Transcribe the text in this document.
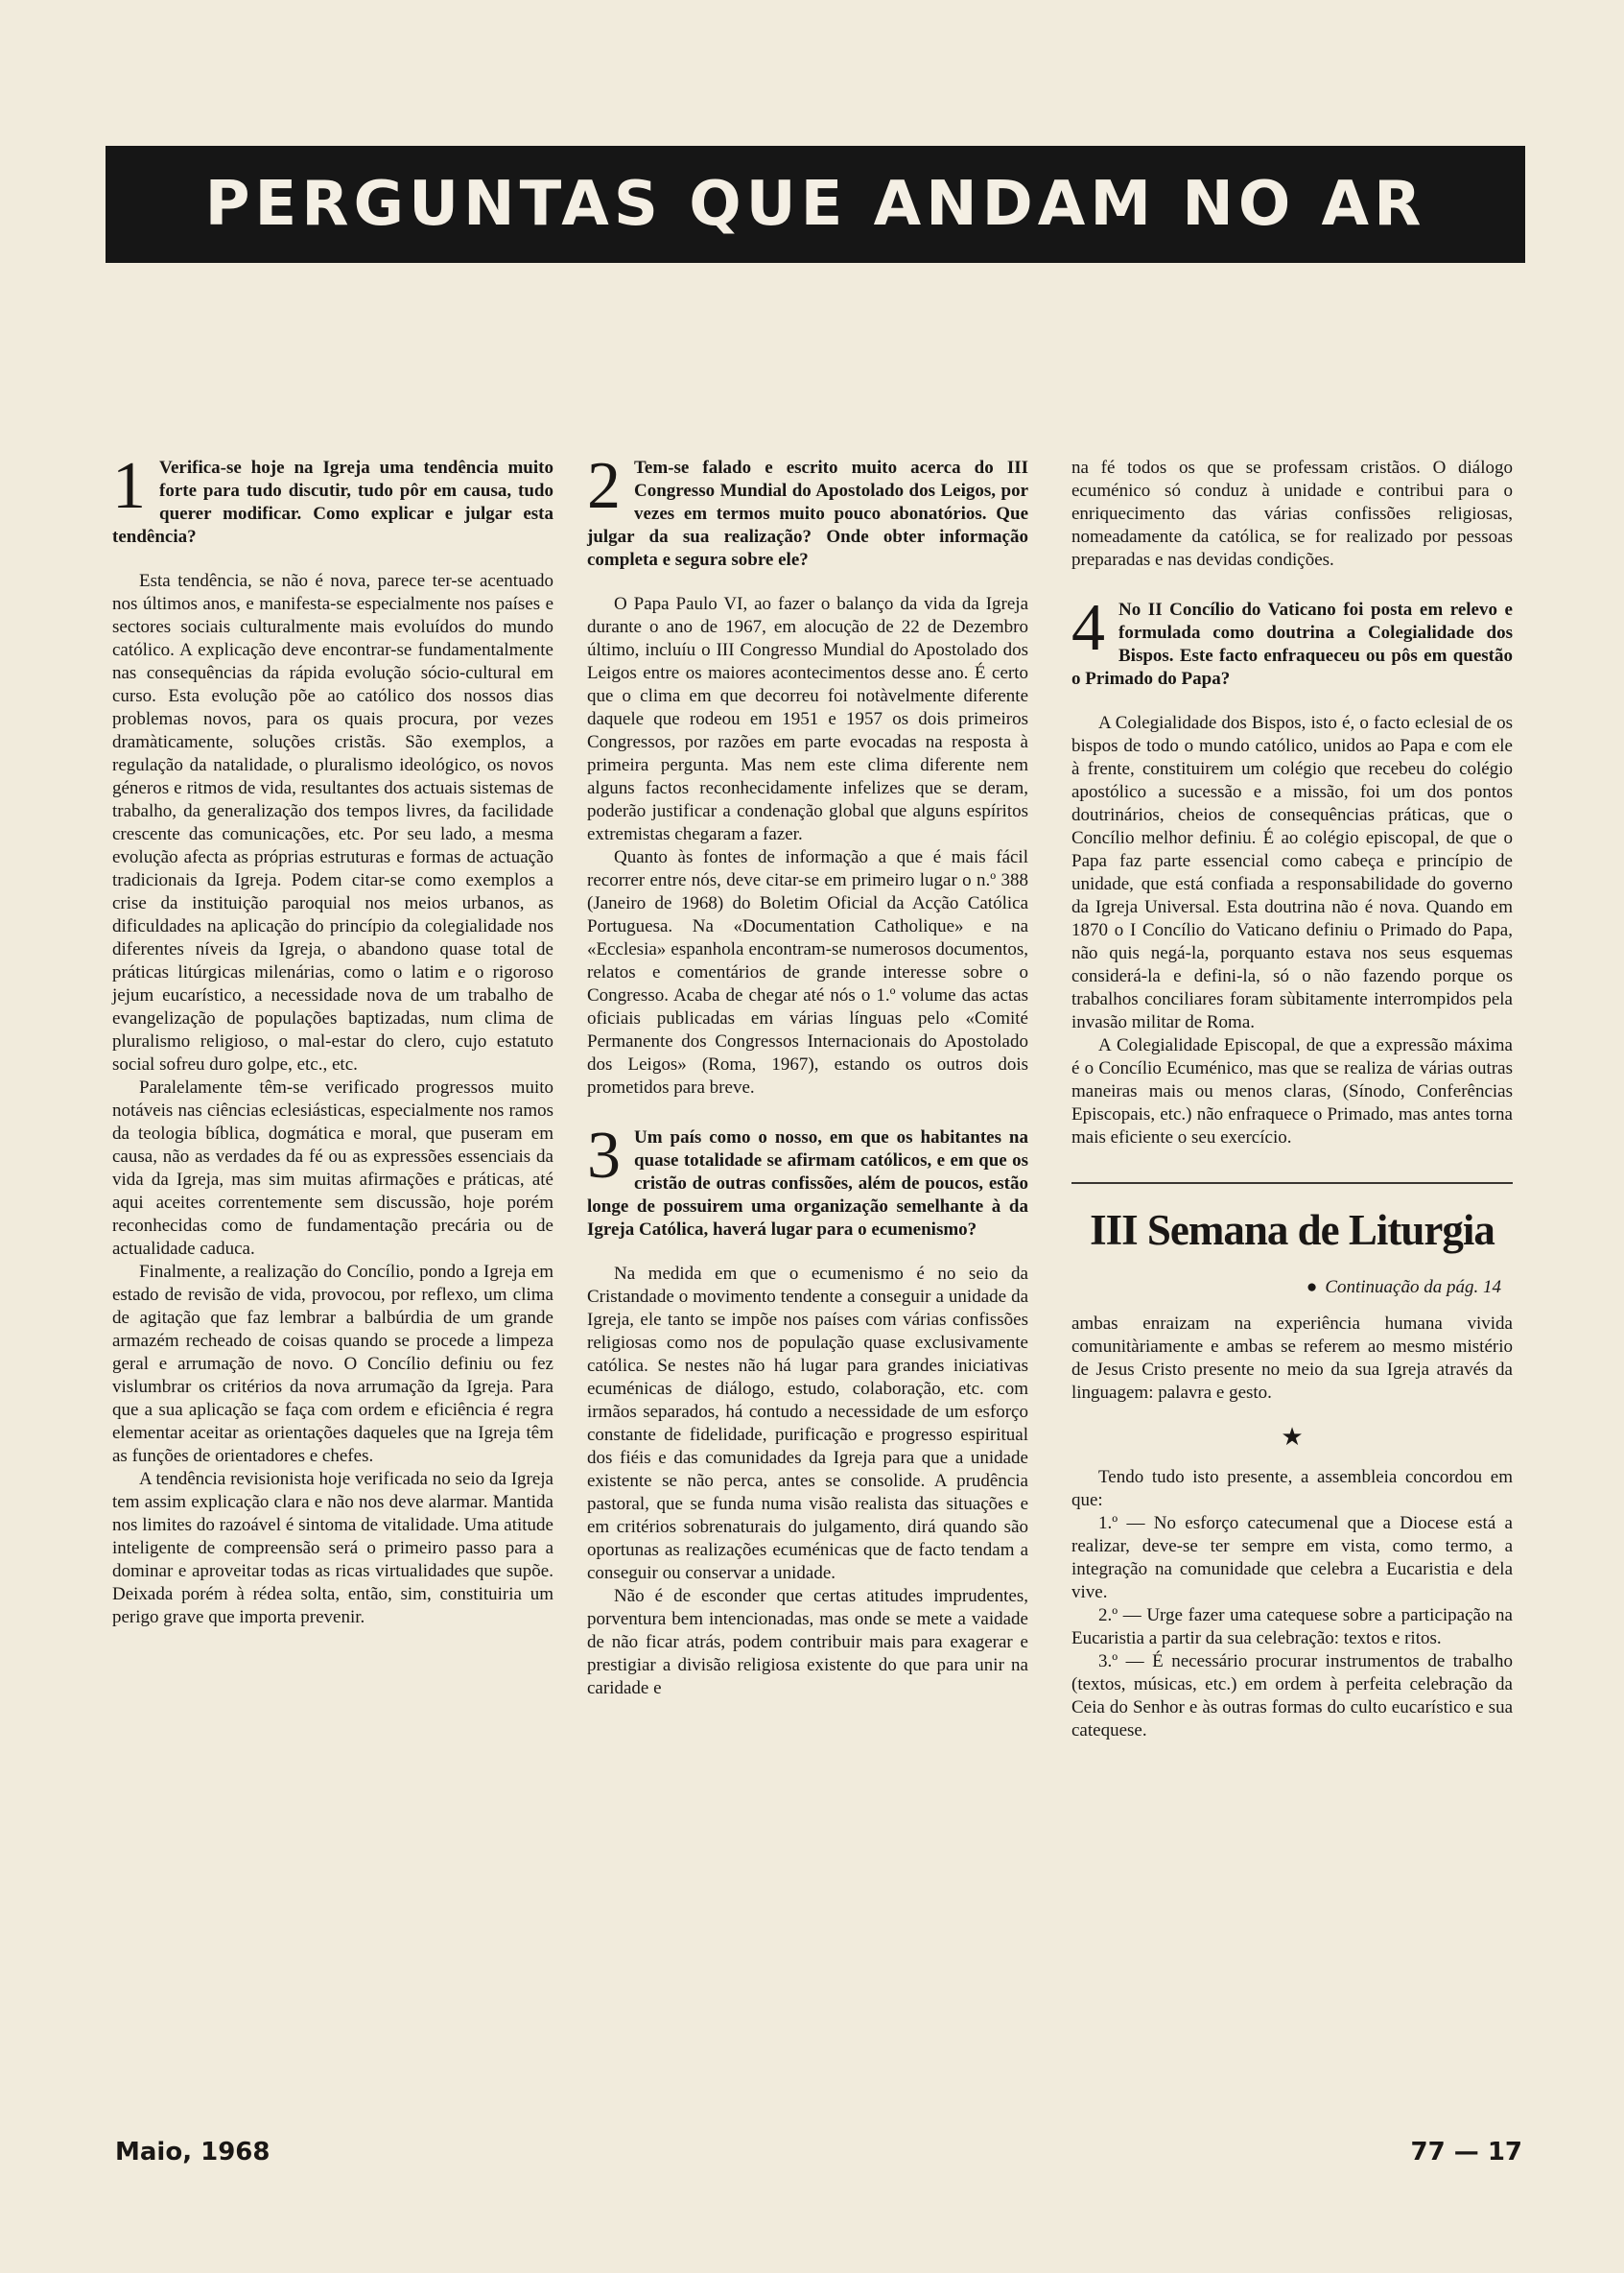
PERGUNTAS QUE ANDAM NO AR
1 Verifica-se hoje na Igreja uma tendência muito forte para tudo discutir, tudo pôr em causa, tudo querer modificar. Como explicar e julgar esta tendência?

Esta tendência, se não é nova, parece ter-se acentuado nos últimos anos, e manifesta-se especialmente nos países e sectores sociais culturalmente mais evoluídos do mundo católico. A explicação deve encontrar-se fundamentalmente nas consequências da rápida evolução sócio-cultural em curso. Esta evolução põe ao católico dos nossos dias problemas novos, para os quais procura, por vezes dramàticamente, soluções cristãs. São exemplos, a regulação da natalidade, o pluralismo ideológico, os novos géneros e ritmos de vida, resultantes dos actuais sistemas de trabalho, da generalização dos tempos livres, da facilidade crescente das comunicações, etc. Por seu lado, a mesma evolução afecta as próprias estruturas e formas de actuação tradicionais da Igreja. Podem citar-se como exemplos a crise da instituição paroquial nos meios urbanos, as dificuldades na aplicação do princípio da colegialidade nos diferentes níveis da Igreja, o abandono quase total de práticas litúrgicas milenárias, como o latim e o rigoroso jejum eucarístico, a necessidade nova de um trabalho de evangelização de populações baptizadas, num clima de pluralismo religioso, o mal-estar do clero, cujo estatuto social sofreu duro golpe, etc., etc.

Paralelamente têm-se verificado progressos muito notáveis nas ciências eclesiásticas, especialmente nos ramos da teologia bíblica, dogmática e moral, que puseram em causa, não as verdades da fé ou as expressões essenciais da vida da Igreja, mas sim muitas afirmações e práticas, até aqui aceites correntemente sem discussão, hoje porém reconhecidas como de fundamentação precária ou de actualidade caduca.

Finalmente, a realização do Concílio, pondo a Igreja em estado de revisão de vida, provocou, por reflexo, um clima de agitação que faz lembrar a balbúrdia de um grande armazém recheado de coisas quando se procede a limpeza geral e arrumação de novo. O Concílio definiu ou fez vislumbrar os critérios da nova arrumação da Igreja. Para que a sua aplicação se faça com ordem e eficiência é regra elementar aceitar as orientações daqueles que na Igreja têm as funções de orientadores e chefes.

A tendência revisionista hoje verificada no seio da Igreja tem assim explicação clara e não nos deve alarmar. Mantida nos limites do razoável é sintoma de vitalidade. Uma atitude inteligente de compreensão será o primeiro passo para a dominar e aproveitar todas as ricas virtualidades que supõe. Deixada porém à rédea solta, então, sim, constituiria um perigo grave que importa prevenir.

2 Tem-se falado e escrito muito acerca do III Congresso Mundial do Apostolado dos Leigos, por vezes em termos muito pouco abonatórios. Que julgar da sua realização? Onde obter informação completa e segura sobre ele?

O Papa Paulo VI, ao fazer o balanço da vida da Igreja durante o ano de 1967, em alocução de 22 de Dezembro último, incluíu o III Congresso Mundial do Apostolado dos Leigos entre os maiores acontecimentos desse ano. É certo que o clima em que decorreu foi notàvelmente diferente daquele que rodeou em 1951 e 1957 os dois primeiros Congressos, por razões em parte evocadas na resposta à primeira pergunta. Mas nem este clima diferente nem alguns factos reconhecidamente infelizes que se deram, poderão justificar a condenação global que alguns espíritos extremistas chegaram a fazer.

Quanto às fontes de informação a que é mais fácil recorrer entre nós, deve citar-se em primeiro lugar o n.º 388 (Janeiro de 1968) do Boletim Oficial da Acção Católica Portuguesa. Na «Documentation Catholique» e na «Ecclesia» espanhola encontram-se numerosos documentos, relatos e comentários de grande interesse sobre o Congresso. Acaba de chegar até nós o 1.º volume das actas oficiais publicadas em várias línguas pelo «Comité Permanente dos Congressos Internacionais do Apostolado dos Leigos» (Roma, 1967), estando os outros dois prometidos para breve.

3 Um país como o nosso, em que os habitantes na quase totalidade se afirmam católicos, e em que os cristão de outras confissões, além de poucos, estão longe de possuirem uma organização semelhante à da Igreja Católica, haverá lugar para o ecumenismo?

Na medida em que o ecumenismo é no seio da Cristandade o movimento tendente a conseguir a unidade da Igreja, ele tanto se impõe nos países com várias confissões religiosas como nos de população quase exclusivamente católica. Se nestes não há lugar para grandes iniciativas ecuménicas de diálogo, estudo, colaboração, etc. com irmãos separados, há contudo a necessidade de um esforço constante de fidelidade, purificação e progresso espiritual dos fiéis e das comunidades da Igreja para que a unidade existente se não perca, antes se consolide. A prudência pastoral, que se funda numa visão realista das situações e em critérios sobrenaturais do julgamento, dirá quando são oportunas as realizações ecuménicas que de facto tendam a conseguir ou conservar a unidade.

Não é de esconder que certas atitudes imprudentes, porventura bem intencionadas, mas onde se mete a vaidade de não ficar atrás, podem contribuir mais para exagerar e prestigiar a divisão religiosa existente do que para unir na caridade e

na fé todos os que se professam cristãos. O diálogo ecuménico só conduz à unidade e contribui para o enriquecimento das várias confissões religiosas, nomeadamente da católica, se for realizado por pessoas preparadas e nas devidas condições.

4 No II Concílio do Vaticano foi posta em relevo e formulada como doutrina a Colegialidade dos Bispos. Este facto enfraqueceu ou pôs em questão o Primado do Papa?

A Colegialidade dos Bispos, isto é, o facto eclesial de os bispos de todo o mundo católico, unidos ao Papa e com ele à frente, constituirem um colégio que recebeu do colégio apostólico a sucessão e a missão, foi um dos pontos doutrinários, cheios de consequências práticas, que o Concílio melhor definiu. É ao colégio episcopal, de que o Papa faz parte essencial como cabeça e princípio de unidade, que está confiada a responsabilidade do governo da Igreja Universal. Esta doutrina não é nova. Quando em 1870 o I Concílio do Vaticano definiu o Primado do Papa, não quis negá-la, porquanto estava nos seus esquemas considerá-la e defini-la, só o não fazendo porque os trabalhos conciliares foram sùbitamente interrompidos pela invasão militar de Roma.

A Colegialidade Episcopal, de que a expressão máxima é o Concílio Ecuménico, mas que se realiza de várias outras maneiras mais ou menos claras, (Sínodo, Conferências Episcopais, etc.) não enfraquece o Primado, mas antes torna mais eficiente o seu exercício.

III Semana de Liturgia
● Continuação da pág. 14

ambas enraizam na experiência humana vivida comunitàriamente e ambas se referem ao mesmo mistério de Jesus Cristo presente no meio da sua Igreja através da linguagem: palavra e gesto.

★

Tendo tudo isto presente, a assembleia concordou em que:

1.º — No esforço catecumenal que a Diocese está a realizar, deve-se ter sempre em vista, como termo, a integração na comunidade que celebra a Eucaristia e dela vive.

2.º — Urge fazer uma catequese sobre a participação na Eucaristia a partir da sua celebração: textos e ritos.

3.º — É necessário procurar instrumentos de trabalho (textos, músicas, etc.) em ordem à perfeita celebração da Ceia do Senhor e às outras formas do culto eucarístico e sua catequese.

Maio, 1968	77 — 17
